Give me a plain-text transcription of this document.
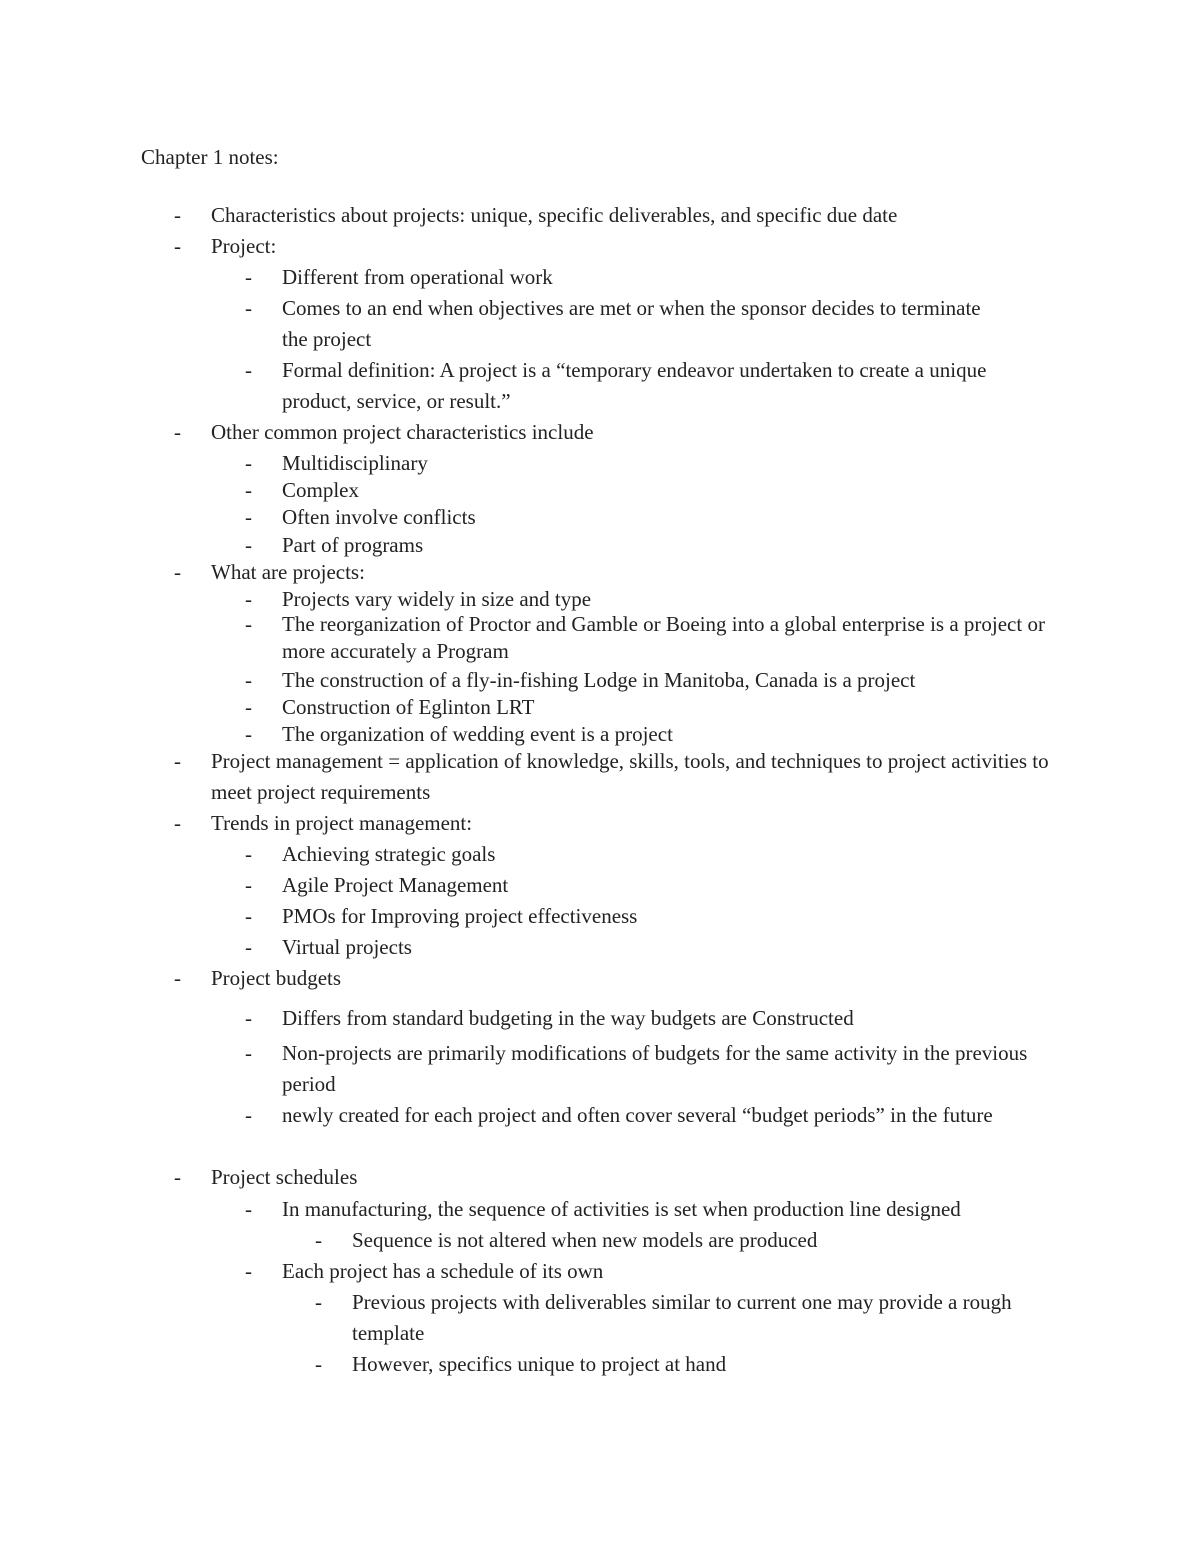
Chapter 1 notes:
- Characteristics about projects: unique, specific deliverables, and specific due date
- Project:
- Different from operational work
- Comes to an end when objectives are met or when the sponsor decides to terminate the project
- Formal definition: A project is a “temporary endeavor undertaken to create a unique product, service, or result.”
- Other common project characteristics include
- Multidisciplinary
- Complex
- Often involve conflicts
- Part of programs
- What are projects:
- Projects vary widely in size and type
- The reorganization of Proctor and Gamble or Boeing into a global enterprise is a project or more accurately a Program
- The construction of a fly-in-fishing Lodge in Manitoba, Canada is a project
- Construction of Eglinton LRT
- The organization of wedding event is a project
- Project management = application of knowledge, skills, tools, and techniques to project activities to meet project requirements
- Trends in project management:
- Achieving strategic goals
- Agile Project Management
- PMOs for Improving project effectiveness
- Virtual projects
- Project budgets
- Differs from standard budgeting in the way budgets are Constructed
- Non-projects are primarily modifications of budgets for the same activity in the previous period
- newly created for each project and often cover several “budget periods” in the future
- Project schedules
- In manufacturing, the sequence of activities is set when production line designed
- Sequence is not altered when new models are produced
- Each project has a schedule of its own
- Previous projects with deliverables similar to current one may provide a rough template
- However, specifics unique to project at hand
